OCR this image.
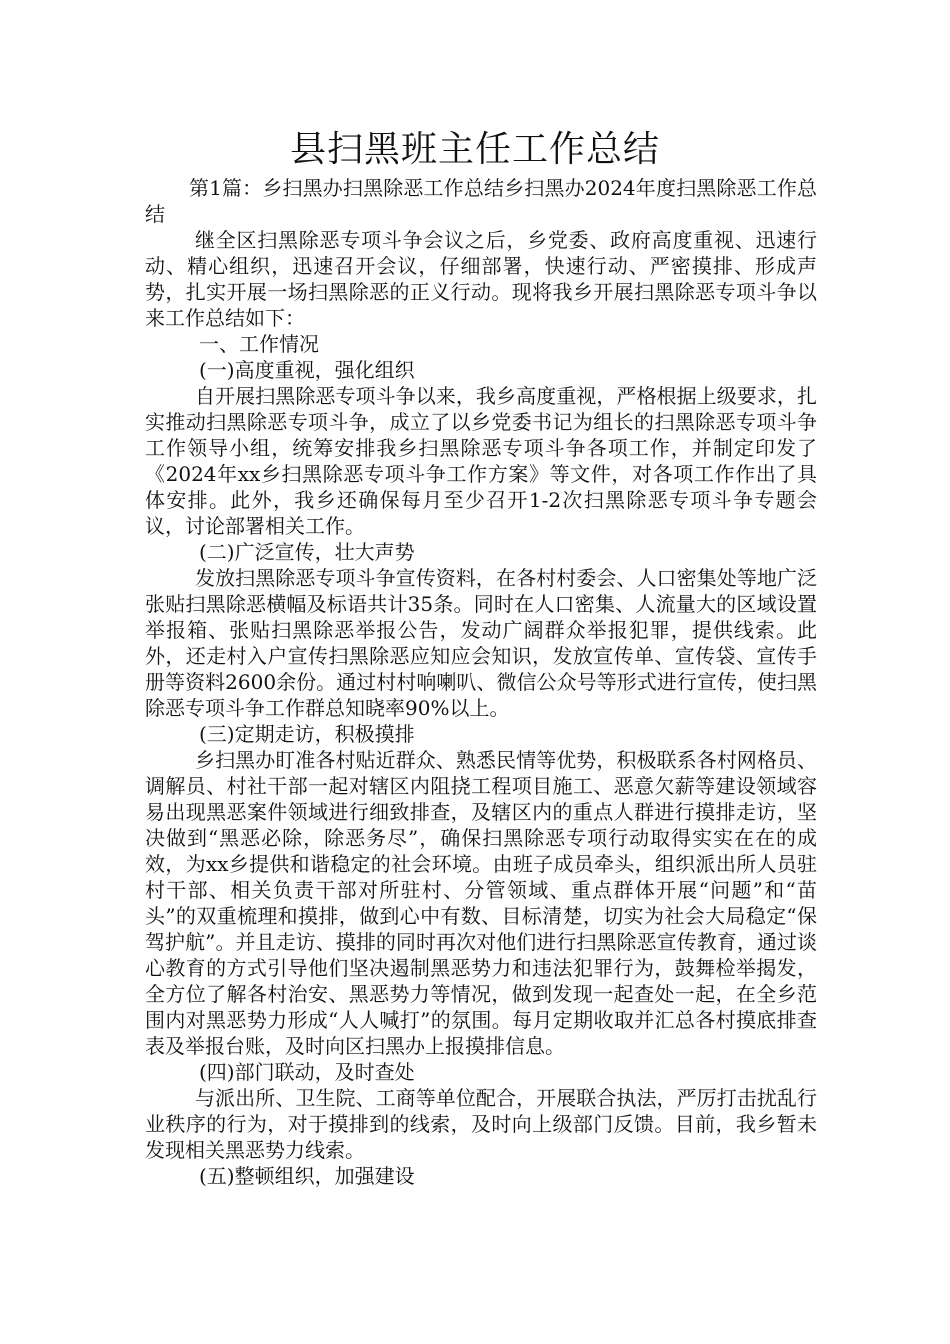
县扫黑班主任工作总结

第1篇：乡扫黑办扫黑除恶工作总结乡扫黑办2024年度扫黑除恶工作总结

继全区扫黑除恶专项斗争会议之后，乡党委、政府高度重视、迅速行动、精心组织，迅速召开会议，仔细部署，快速行动、严密摸排、形成声势，扎实开展一场扫黑除恶的正义行动。现将我乡开展扫黑除恶专项斗争以来工作总结如下：

一、工作情况

(一)高度重视，强化组织

自开展扫黑除恶专项斗争以来，我乡高度重视，严格根据上级要求，扎实推动扫黑除恶专项斗争，成立了以乡党委书记为组长的扫黑除恶专项斗争工作领导小组，统筹安排我乡扫黑除恶专项斗争各项工作，并制定印发了《2024年xx乡扫黑除恶专项斗争工作方案》等文件，对各项工作作出了具体安排。此外，我乡还确保每月至少召开1-2次扫黑除恶专项斗争专题会议，讨论部署相关工作。

(二)广泛宣传，壮大声势

发放扫黑除恶专项斗争宣传资料，在各村村委会、人口密集处等地广泛张贴扫黑除恶横幅及标语共计35条。同时在人口密集、人流量大的区域设置举报箱、张贴扫黑除恶举报公告，发动广阔群众举报犯罪，提供线索。此外，还走村入户宣传扫黑除恶应知应会知识，发放宣传单、宣传袋、宣传手册等资料2600余份。通过村村响喇叭、微信公众号等形式进行宣传，使扫黑除恶专项斗争工作群总知晓率90%以上。

(三)定期走访，积极摸排

乡扫黑办盯准各村贴近群众、熟悉民情等优势，积极联系各村网格员、调解员、村社干部一起对辖区内阻挠工程项目施工、恶意欠薪等建设领域容易出现黑恶案件领域进行细致排查，及辖区内的重点人群进行摸排走访，坚决做到“黑恶必除，除恶务尽”，确保扫黑除恶专项行动取得实实在在的成效，为xx乡提供和谐稳定的社会环境。由班子成员牵头，组织派出所人员驻村干部、相关负责干部对所驻村、分管领域、重点群体开展“问题”和“苗头”的双重梳理和摸排，做到心中有数、目标清楚，切实为社会大局稳定“保驾护航”。并且走访、摸排的同时再次对他们进行扫黑除恶宣传教育，通过谈心教育的方式引导他们坚决遏制黑恶势力和违法犯罪行为，鼓舞检举揭发，全方位了解各村治安、黑恶势力等情况，做到发现一起查处一起，在全乡范围内对黑恶势力形成“人人喊打”的氛围。每月定期收取并汇总各村摸底排查表及举报台账，及时向区扫黑办上报摸排信息。

(四)部门联动，及时查处

与派出所、卫生院、工商等单位配合，开展联合执法，严厉打击扰乱行业秩序的行为，对于摸排到的线索，及时向上级部门反馈。目前，我乡暂未发现相关黑恶势力线索。

(五)整顿组织，加强建设
